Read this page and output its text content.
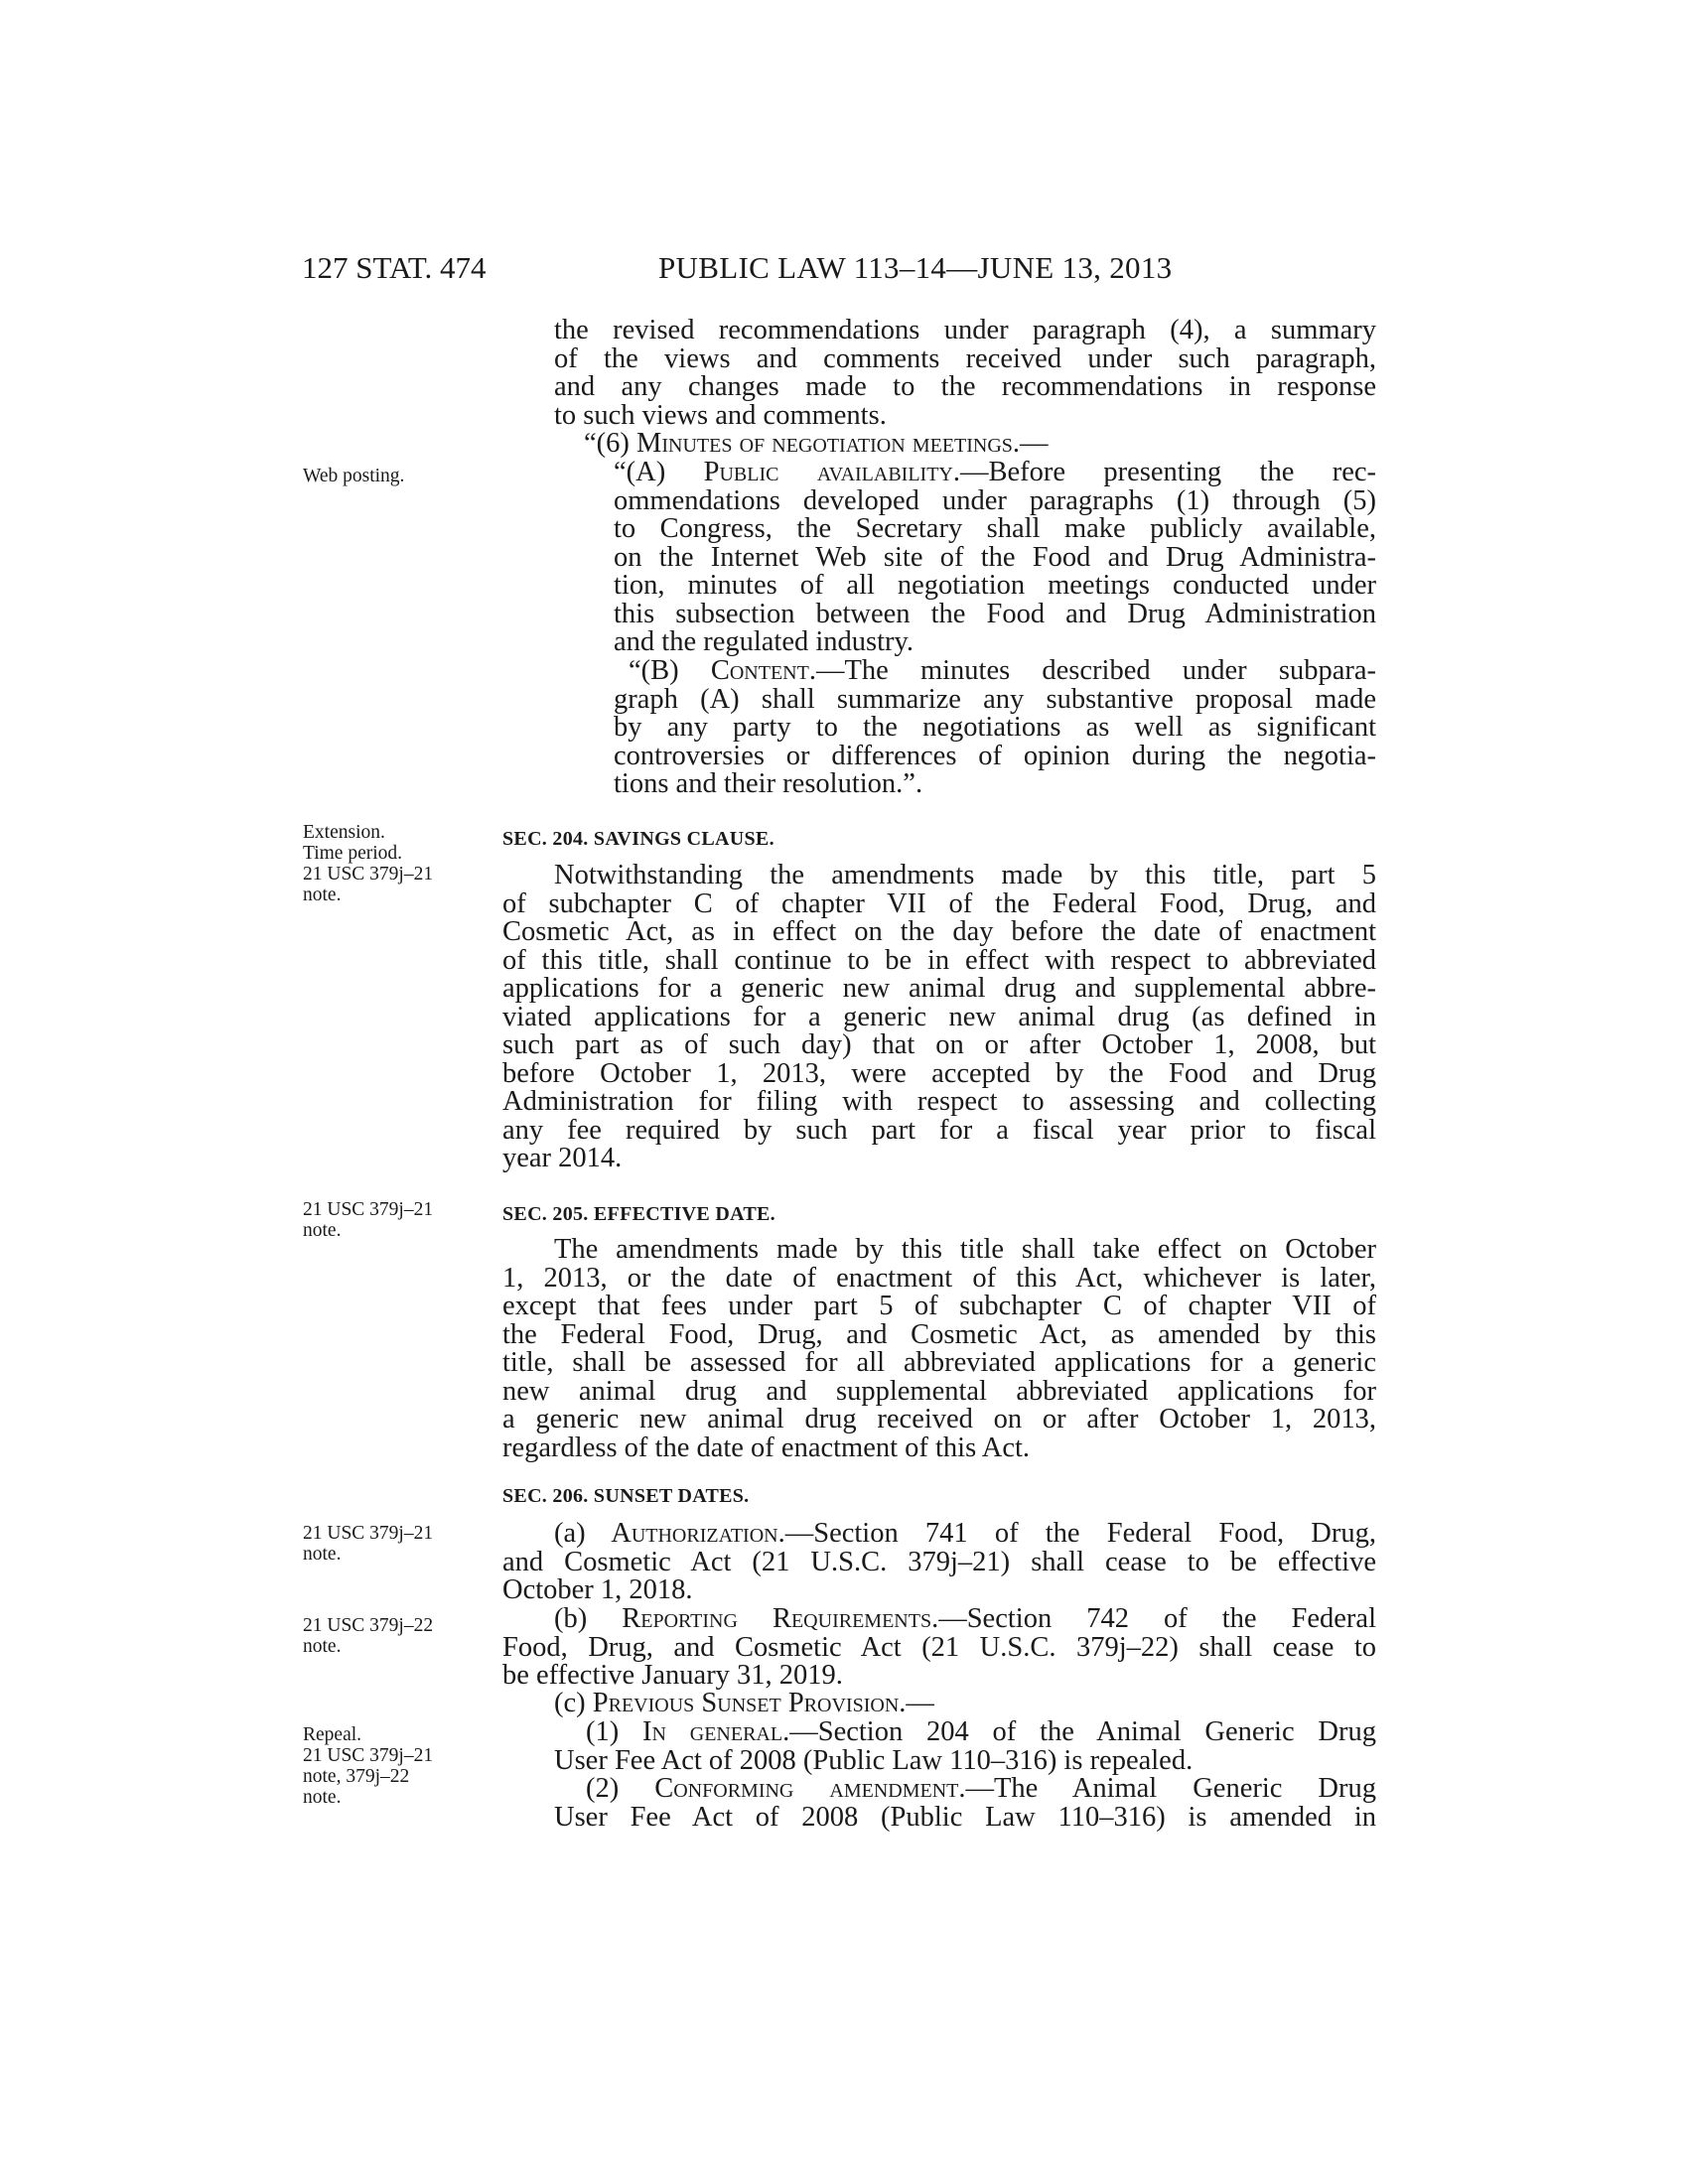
127 STAT. 474	PUBLIC LAW 113–14—JUNE 13, 2013
Web posting.
Extension.
Time period.
21 USC 379j–21
note.
21 USC 379j–21
note.
21 USC 379j–21
note.
21 USC 379j–22
note.
Repeal.
21 USC 379j–21
note, 379j–22
note.
the revised recommendations under paragraph (4), a summary
of the views and comments received under such paragraph,
and any changes made to the recommendations in response
to such views and comments.
“(6) Minutes of negotiation meetings.—
“(A) Public availability.—Before presenting the rec-
ommendations developed under paragraphs (1) through (5)
to Congress, the Secretary shall make publicly available,
on the Internet Web site of the Food and Drug Administra-
tion, minutes of all negotiation meetings conducted under
this subsection between the Food and Drug Administration
and the regulated industry.
“(B) Content.—The minutes described under subpara-
graph (A) shall summarize any substantive proposal made
by any party to the negotiations as well as significant
controversies or differences of opinion during the negotia-
tions and their resolution.”.
SEC. 204. SAVINGS CLAUSE.
Notwithstanding the amendments made by this title, part 5
of subchapter C of chapter VII of the Federal Food, Drug, and
Cosmetic Act, as in effect on the day before the date of enactment
of this title, shall continue to be in effect with respect to abbreviated
applications for a generic new animal drug and supplemental abbre-
viated applications for a generic new animal drug (as defined in
such part as of such day) that on or after October 1, 2008, but
before October 1, 2013, were accepted by the Food and Drug
Administration for filing with respect to assessing and collecting
any fee required by such part for a fiscal year prior to fiscal
year 2014.
SEC. 205. EFFECTIVE DATE.
The amendments made by this title shall take effect on October
1, 2013, or the date of enactment of this Act, whichever is later,
except that fees under part 5 of subchapter C of chapter VII of
the Federal Food, Drug, and Cosmetic Act, as amended by this
title, shall be assessed for all abbreviated applications for a generic
new animal drug and supplemental abbreviated applications for
a generic new animal drug received on or after October 1, 2013,
regardless of the date of enactment of this Act.
SEC. 206. SUNSET DATES.
(a) Authorization.—Section 741 of the Federal Food, Drug,
and Cosmetic Act (21 U.S.C. 379j–21) shall cease to be effective
October 1, 2018.
(b) Reporting Requirements.—Section 742 of the Federal
Food, Drug, and Cosmetic Act (21 U.S.C. 379j–22) shall cease to
be effective January 31, 2019.
(c) Previous Sunset Provision.—
(1) In general.—Section 204 of the Animal Generic Drug
User Fee Act of 2008 (Public Law 110–316) is repealed.
(2) Conforming amendment.—The Animal Generic Drug
User Fee Act of 2008 (Public Law 110–316) is amended in
